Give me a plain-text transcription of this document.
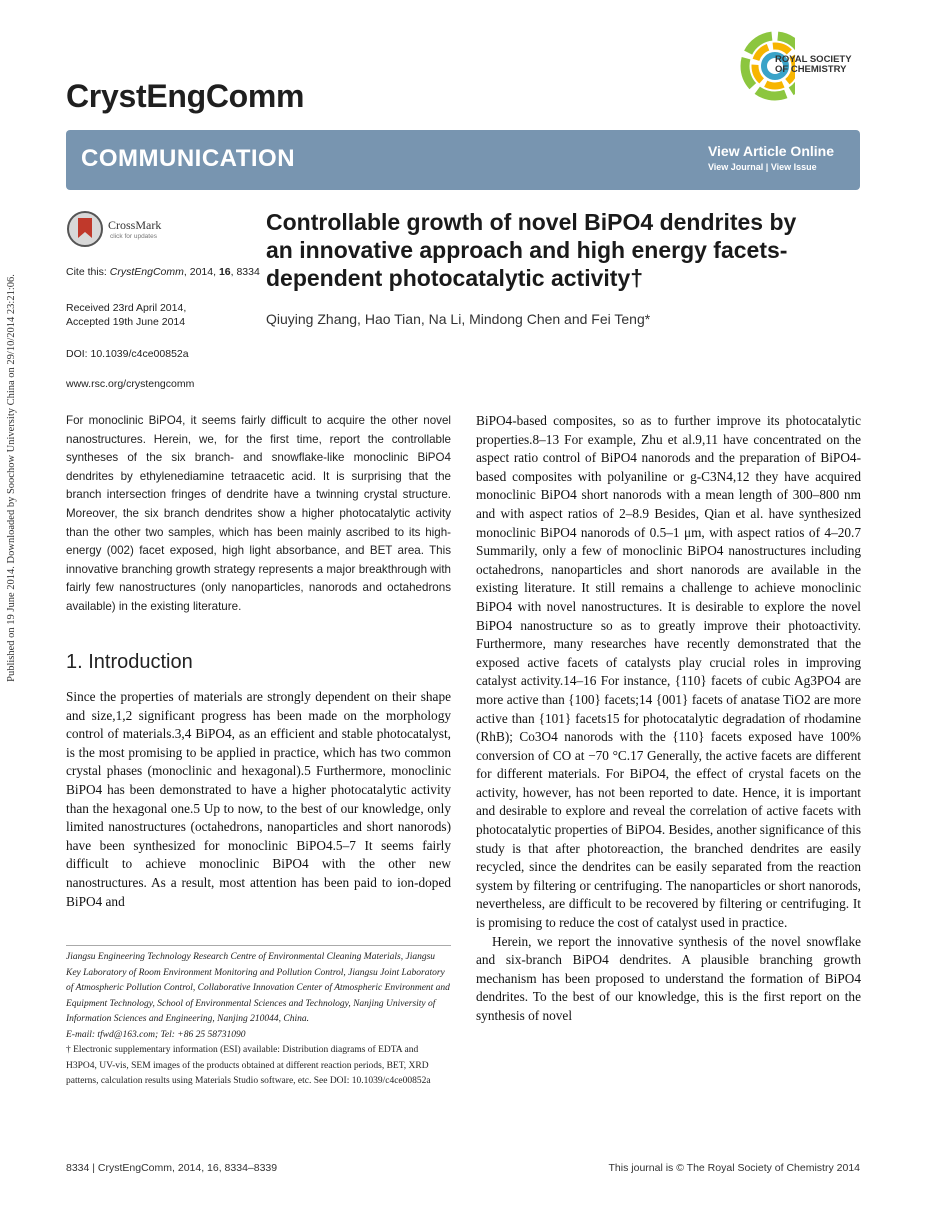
Published on 19 June 2014. Downloaded by Soochow University China on 29/10/2014 23:21:06.
CrystEngComm
ROYAL SOCIETY
OF CHEMISTRY
COMMUNICATION	View Article Online
View Journal | View Issue
CrossMark
click for updates
Cite this: CrystEngComm, 2014, 16, 8334
Received 23rd April 2014,
Accepted 19th June 2014
DOI: 10.1039/c4ce00852a
www.rsc.org/crystengcomm
Controllable growth of novel BiPO4 dendrites by an innovative approach and high energy facets-dependent photocatalytic activity†
Qiuying Zhang, Hao Tian, Na Li, Mindong Chen and Fei Teng*
For monoclinic BiPO4, it seems fairly difficult to acquire the other novel nanostructures. Herein, we, for the first time, report the controllable syntheses of the six branch- and snowflake-like monoclinic BiPO4 dendrites by ethylenediamine tetraacetic acid. It is surprising that the branch intersection fringes of dendrite have a twinning crystal structure. Moreover, the six branch dendrites show a higher photocatalytic activity than the other two samples, which has been mainly ascribed to its high-energy (002) facet exposed, high light absorbance, and BET area. This innovative branching growth strategy represents a major breakthrough with fairly few nanostructures (only nanoparticles, nanorods and octahedrons available) in the existing literature.
1. Introduction
Since the properties of materials are strongly dependent on their shape and size,1,2 significant progress has been made on the morphology control of materials.3,4 BiPO4, as an efficient and stable photocatalyst, is the most promising to be applied in practice, which has two common crystal phases (monoclinic and hexagonal).5 Furthermore, monoclinic BiPO4 has been demonstrated to have a higher photocatalytic activity than the hexagonal one.5 Up to now, to the best of our knowledge, only limited nanostructures (octahedrons, nanoparticles and short nanorods) have been synthesized for monoclinic BiPO4.5–7 It seems fairly difficult to achieve monoclinic BiPO4 with the other new nanostructures. As a result, most attention has been paid to ion-doped BiPO4 and
Jiangsu Engineering Technology Research Centre of Environmental Cleaning Materials, Jiangsu Key Laboratory of Room Environment Monitoring and Pollution Control, Jiangsu Joint Laboratory of Atmospheric Pollution Control, Collaborative Innovation Center of Atmospheric Environment and Equipment Technology, School of Environmental Sciences and Technology, Nanjing University of Information Sciences and Engineering, Nanjing 210044, China.
E-mail: tfwd@163.com; Tel: +86 25 58731090
† Electronic supplementary information (ESI) available: Distribution diagrams of EDTA and H3PO4, UV-vis, SEM images of the products obtained at different reaction periods, BET, XRD patterns, calculation results using Materials Studio software, etc. See DOI: 10.1039/c4ce00852a

BiPO4-based composites, so as to further improve its photocatalytic properties.8–13 For example, Zhu et al.9,11 have concentrated on the aspect ratio control of BiPO4 nanorods and the preparation of BiPO4-based composites with polyaniline or g-C3N4,12 they have acquired monoclinic BiPO4 short nanorods with a mean length of 300–800 nm and with aspect ratios of 2–8.9 Besides, Qian et al. have synthesized monoclinic BiPO4 nanorods of 0.5–1 μm, with aspect ratios of 4–20.7 Summarily, only a few of monoclinic BiPO4 nanostructures including octahedrons, nanoparticles and short nanorods are available in the existing literature. It still remains a challenge to achieve monoclinic BiPO4 with novel nanostructures. It is desirable to explore the novel BiPO4 nanostructure so as to greatly improve their photoactivity. Furthermore, many researches have recently demonstrated that the exposed active facets of catalysts play crucial roles in improving catalyst activity.14–16 For instance, {110} facets of cubic Ag3PO4 are more active than {100} facets;14 {001} facets of anatase TiO2 are more active than {101} facets15 for photocatalytic degradation of rhodamine (RhB); Co3O4 nanorods with the {110} facets exposed have 100% conversion of CO at −70 °C.17 Generally, the active facets are different for different materials. For BiPO4, the effect of crystal facets on the activity, however, has not been reported to date. Hence, it is important and desirable to explore and reveal the correlation of active facets with photocatalytic properties of BiPO4. Besides, another significance of this study is that after photoreaction, the branched dendrites are easily recycled, since the dendrites can be easily separated from the reaction system by filtering or centrifuging. The nanoparticles or short nanorods, nevertheless, are difficult to be recovered by filtering or centrifuging. It is promising to reduce the cost of catalyst used in practice.

Herein, we report the innovative synthesis of the novel snowflake and six-branch BiPO4 dendrites. A plausible branching growth mechanism has been proposed to understand the formation of BiPO4 dendrites. To the best of our knowledge, this is the first report on the synthesis of novel

8334 | CrystEngComm, 2014, 16, 8334–8339	This journal is © The Royal Society of Chemistry 2014
